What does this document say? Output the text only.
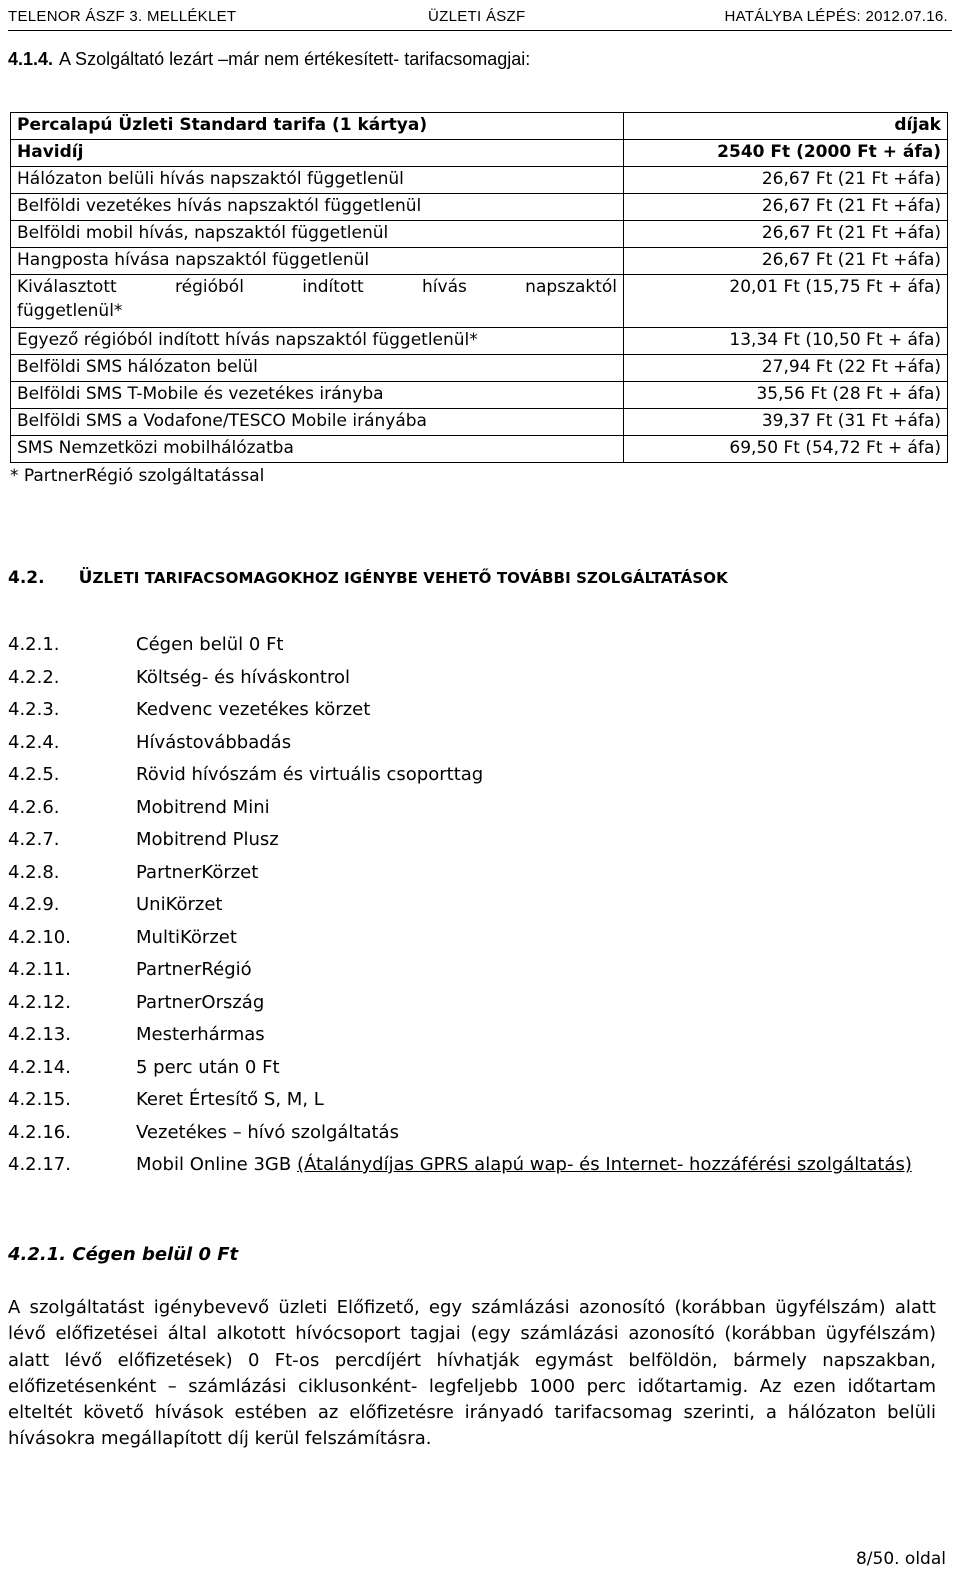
TELENOR ÁSZF 3. MELLÉKLET	ÜZLETI ÁSZF	HATÁLYBA LÉPÉS: 2012.07.16.
4.1.4. A Szolgáltató lezárt –már nem értékesített- tarifacsomagjai:
Percalapú Üzleti Standard tarifa (1 kártya)	díjak
Havidíj	2540 Ft (2000 Ft + áfa)
Hálózaton belüli hívás napszaktól függetlenül	26,67 Ft (21 Ft +áfa)
Belföldi vezetékes hívás napszaktól függetlenül	26,67 Ft (21 Ft +áfa)
Belföldi mobil hívás, napszaktól függetlenül	26,67 Ft (21 Ft +áfa)
Hangposta hívása napszaktól függetlenül	26,67 Ft (21 Ft +áfa)

Kiválasztott régióból indított hívás napszaktól
függetlenül*	20,01 Ft (15,75 Ft + áfa)
Egyező régióból indított hívás napszaktól függetlenül*	13,34 Ft (10,50 Ft + áfa)
Belföldi SMS hálózaton belül	27,94 Ft (22 Ft +áfa)
Belföldi SMS T-Mobile és vezetékes irányba	35,56 Ft (28 Ft + áfa)
Belföldi SMS a Vodafone/TESCO Mobile irányába	39,37 Ft (31 Ft +áfa)
SMS Nemzetközi mobilhálózatba	69,50 Ft (54,72 Ft + áfa)
* PartnerRégió szolgáltatással
4.2. ÜZLETI TARIFACSOMAGOKHOZ IGÉNYBE VEHETŐ TOVÁBBI SZOLGÁLTATÁSOK
4.2.1.	Cégen belül 0 Ft
4.2.2.	Költség- és híváskontrol
4.2.3.	Kedvenc vezetékes körzet
4.2.4.	Hívástovábbadás
4.2.5.	Rövid hívószám és virtuális csoporttag
4.2.6.	Mobitrend Mini
4.2.7.	Mobitrend Plusz
4.2.8.	PartnerKörzet
4.2.9.	UniKörzet
4.2.10.	MultiKörzet
4.2.11.	PartnerRégió
4.2.12.	PartnerOrszág
4.2.13.	Mesterhármas
4.2.14.	5 perc után 0 Ft
4.2.15.	Keret Értesítő S, M, L
4.2.16.	Vezetékes – hívó szolgáltatás
4.2.17.	Mobil Online 3GB (Átalánydíjas GPRS alapú wap- és Internet- hozzáférési szolgáltatás)
4.2.1. Cégen belül 0 Ft

A szolgáltatást igénybevevő üzleti Előfizető, egy számlázási azonosító (korábban ügyfélszám) alatt lévő előfizetései által alkotott hívócsoport tagjai (egy számlázási azonosító (korábban ügyfélszám) alatt lévő előfizetések) 0 Ft-os percdíjért hívhatják egymást belföldön, bármely napszakban, előfizetésenként – számlázási ciklusonként- legfeljebb 1000 perc időtartamig. Az ezen időtartam elteltét követő hívások estében az előfizetésre irányadó tarifacsomag szerinti, a hálózaton belüli hívásokra megállapított díj kerül felszámításra.

8/50. oldal
